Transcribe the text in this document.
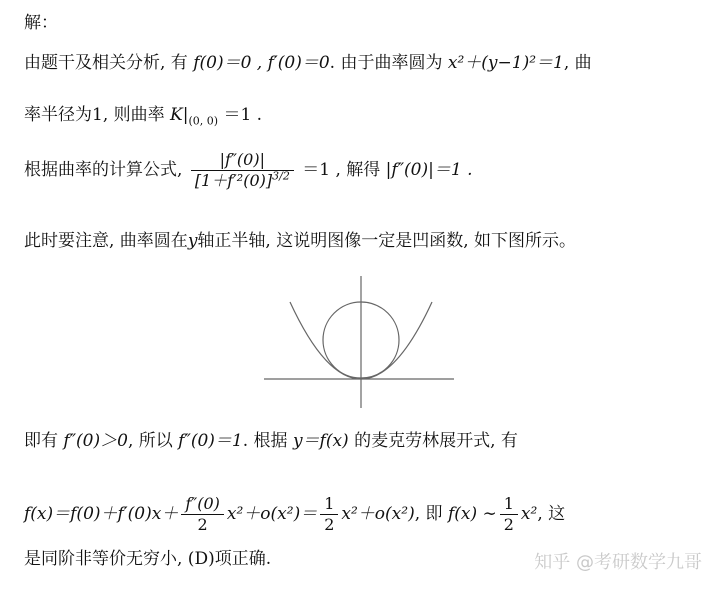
解：
由题干及相关分析, 有 f(0)＝0 , f′(0)＝0. 由于曲率圆为 x²＋(y−1)²＝1, 曲
率半径为1, 则曲率 $K|_{(0, 0)} =1$ .
根据曲率的计算公式, $\frac{|f''(0)|}{[1+f'^2(0)]^{3/2}} =1$ , 解得 |f″(0)|＝1 .
此时要注意, 曲率圆在y轴正半轴, 这说明图像一定是凹函数, 如下图所示。
即有 f″(0)＞0, 所以 f″(0)＝1. 根据 y＝f(x) 的麦克劳林展开式, 有
$f(x)=f(0)+f'(0)x+ \frac{f''(0)}{2} x^2+o(x^2)= \frac{1}{2} x^2+o(x^2)$, 即 f(x) ∼ $\frac{1}{2} x^2$, 这
是同阶非等价无穷小, (D)项正确.	知乎 @考研数学九哥
